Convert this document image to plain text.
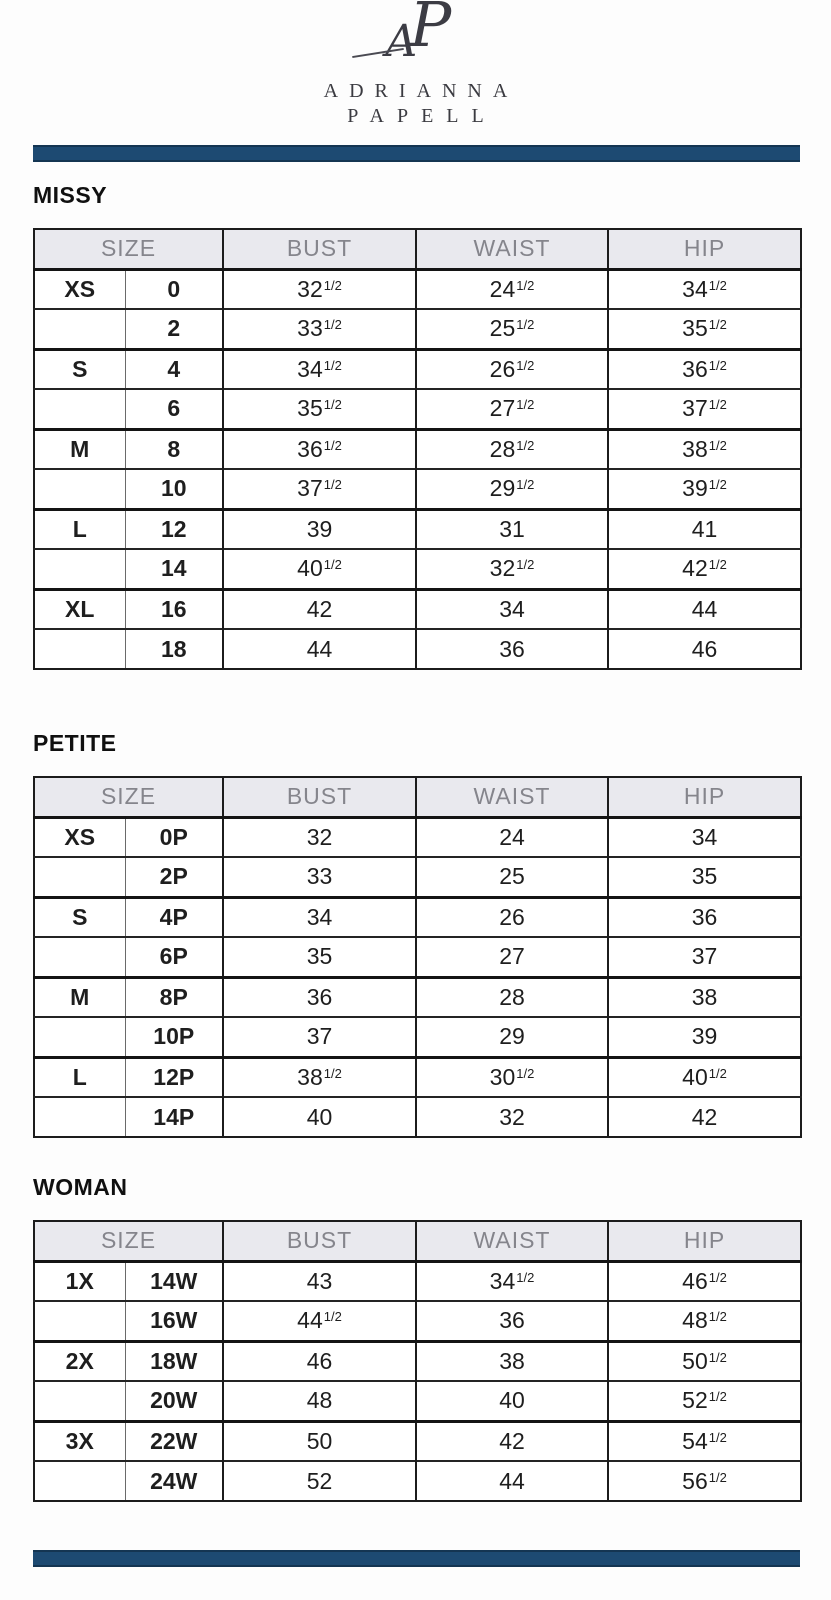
P
A
ADRIANNA
PAPELL
MISSY
SIZE		BUST	WAIST	HIP
XS	0	$32^{1/2}$	$24^{1/2}$	$34^{1/2}$
	2	$33^{1/2}$	$25^{1/2}$	$35^{1/2}$
S	4	$34^{1/2}$	$26^{1/2}$	$36^{1/2}$
	6	$35^{1/2}$	$27^{1/2}$	$37^{1/2}$
M	8	$36^{1/2}$	$28^{1/2}$	$38^{1/2}$
	10	$37^{1/2}$	$29^{1/2}$	$39^{1/2}$
L	12	39	31	41
	14	$40^{1/2}$	$32^{1/2}$	$42^{1/2}$
XL	16	42	34	44
	18	44	36	46
PETITE
SIZE		BUST	WAIST	HIP
XS	0P	32	24	34
	2P	33	25	35
S	4P	34	26	36
	6P	35	27	37
M	8P	36	28	38
	10P	37	29	39
L	12P	$38^{1/2}$	$30^{1/2}$	$40^{1/2}$
	14P	40	32	42
WOMAN
SIZE		BUST	WAIST	HIP
1X	14W	43	$34^{1/2}$	$46^{1/2}$
	16W	$44^{1/2}$	36	$48^{1/2}$
2X	18W	46	38	$50^{1/2}$
	20W	48	40	$52^{1/2}$
3X	22W	50	42	$54^{1/2}$
	24W	52	44	$56^{1/2}$
